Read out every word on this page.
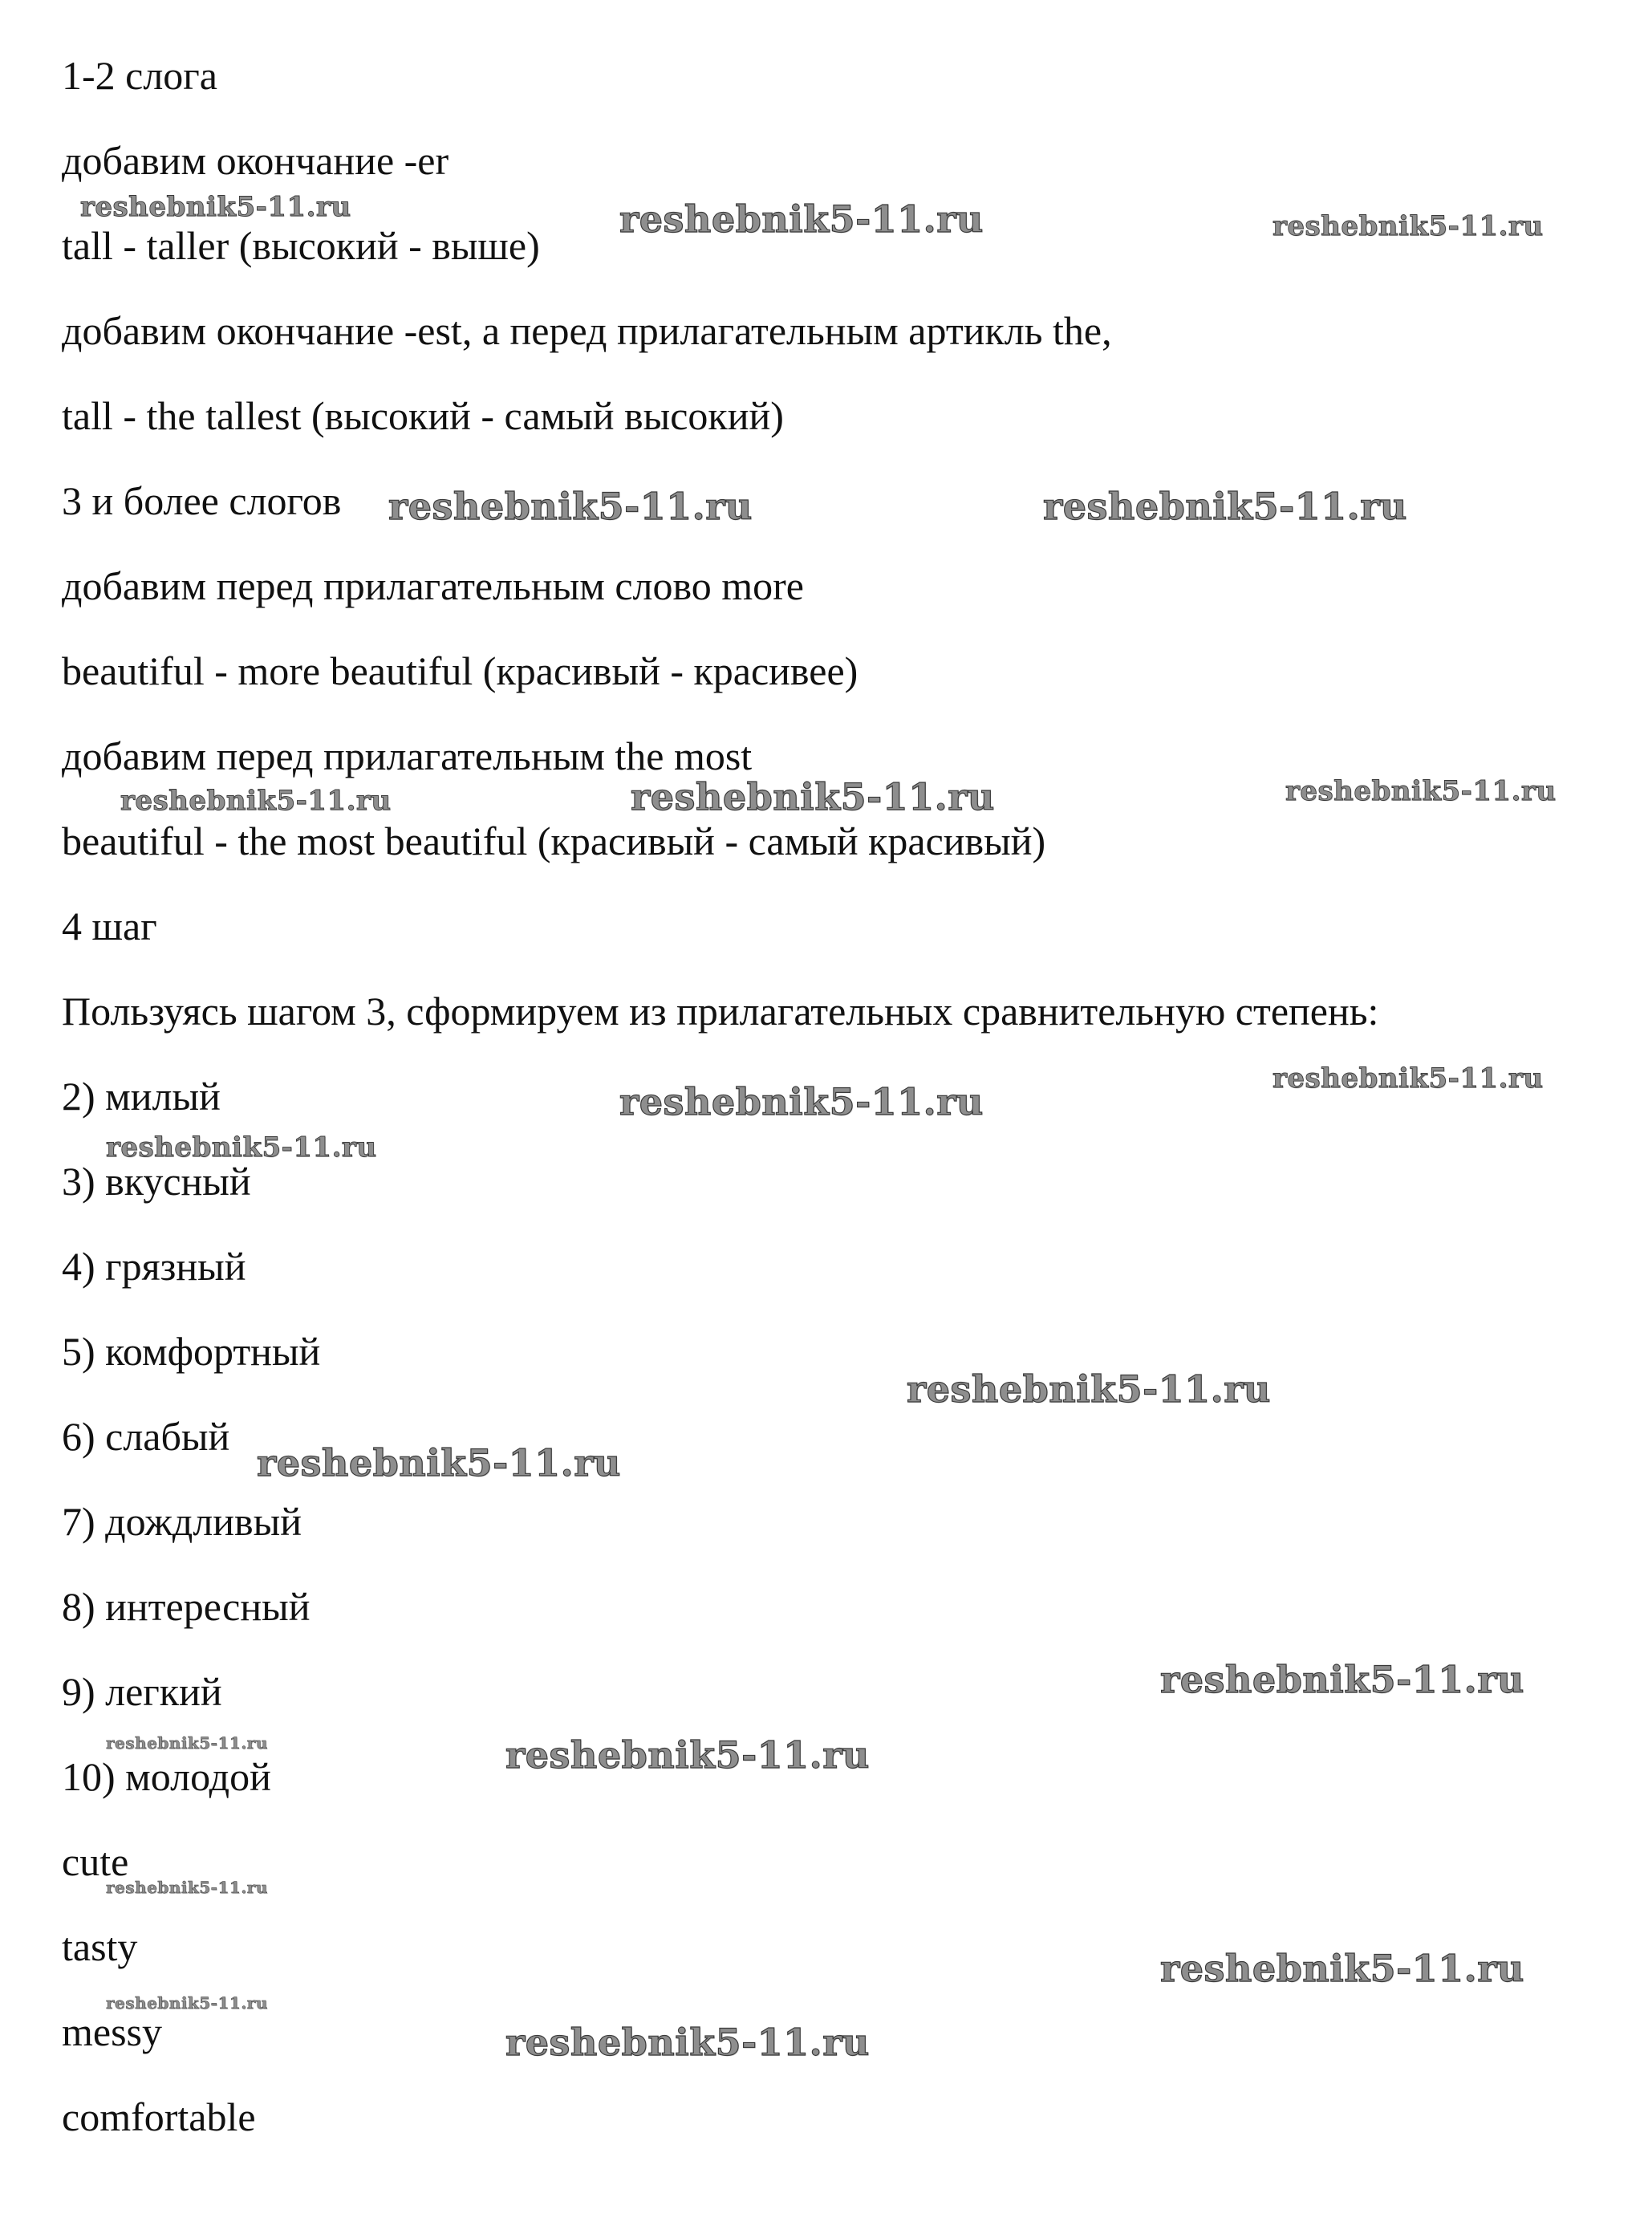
1-2 слога

добавим окончание -er

tall - taller (высокий - выше)

добавим окончание -est, а перед прилагательным артикль the,

tall - the tallest (высокий - самый высокий)

3 и более слогов

добавим перед прилагательным слово more

beautiful - more beautiful (красивый - красивее)

добавим перед прилагательным the most

beautiful - the most beautiful (красивый - самый красивый)

4 шаг

Пользуясь шагом 3, сформируем из прилагательных сравнительную степень:

2) милый

3) вкусный

4) грязный

5) комфортный

6) слабый

7) дождливый

8) интересный

9) легкий

10) молодой

cute

tasty

messy

comfortable

reshebnik5-11.ru	reshebnik5-11.ru	reshebnik5-11.ru
reshebnik5-11.ru	reshebnik5-11.ru
reshebnik5-11.ru	reshebnik5-11.ru	reshebnik5-11.ru
reshebnik5-11.ru
reshebnik5-11.ru
reshebnik5-11.ru
reshebnik5-11.ru
reshebnik5-11.ru
reshebnik5-11.ru
reshebnik5-11.ru	reshebnik5-11.ru
reshebnik5-11.ru
reshebnik5-11.ru
reshebnik5-11.ru
reshebnik5-11.ru
